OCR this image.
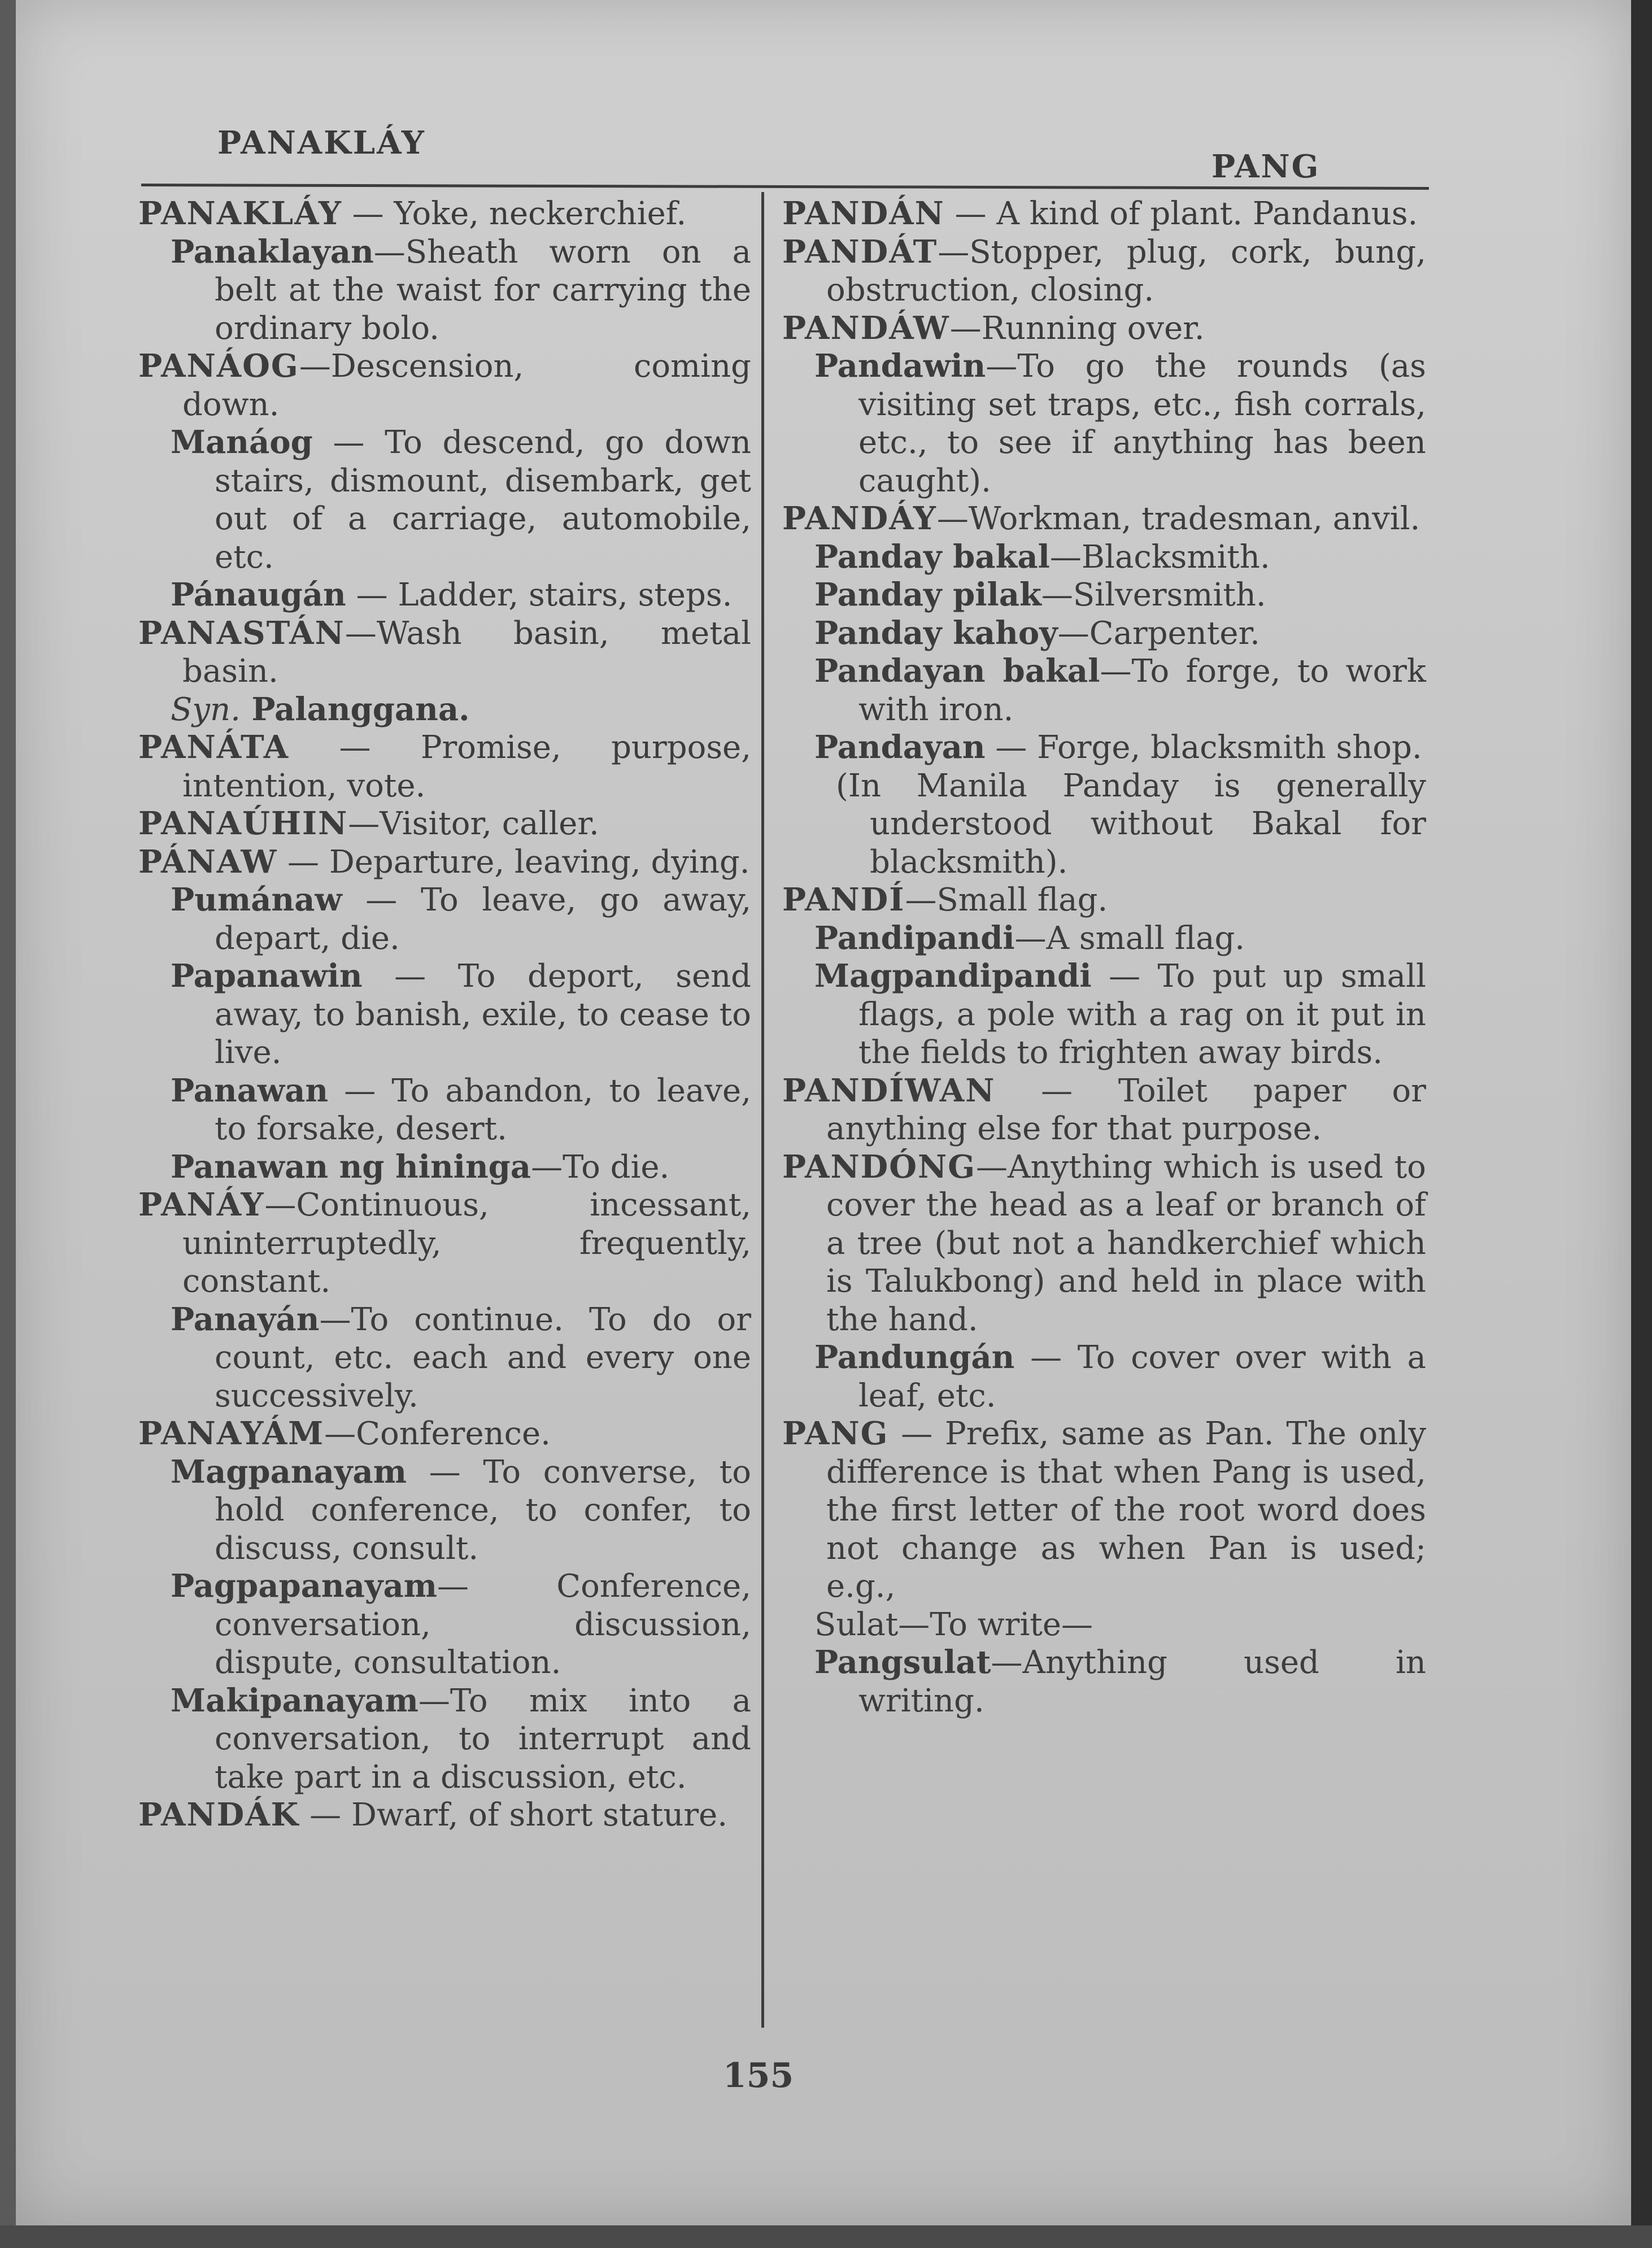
PANAKLÁY
PANG

PANAKLÁY — Yoke, neckerchief.

Panaklayan—Sheath worn on a belt at the waist for carrying the ordinary bolo.

PANÁOG—Descension, coming down.

Manáog — To descend, go down stairs, dismount, disembark, get out of a carriage, automobile, etc.

Pánaugán — Ladder, stairs, steps.

PANASTÁN—Wash basin, metal basin.

Syn. Palanggana.

PANÁTA — Promise, purpose, intention, vote.

PANAÚHIN—Visitor, caller.

PÁNAW — Departure, leaving, dying.

Pumánaw — To leave, go away, depart, die.

Papanawin — To deport, send away, to banish, exile, to cease to live.

Panawan — To abandon, to leave, to forsake, desert.

Panawan ng hininga—To die.

PANÁY—Continuous, incessant, uninterruptedly, frequently, constant.

Panayán—To continue. To do or count, etc. each and every one successively.

PANAYÁM—Conference.

Magpanayam — To converse, to hold conference, to confer, to discuss, consult.

Pagpapanayam— Conference, conversation, discussion, dispute, consultation.

Makipanayam—To mix into a conversation, to interrupt and take part in a discussion, etc.

PANDÁK — Dwarf, of short stature.

PANDÁN — A kind of plant. Pandanus.

PANDÁT—Stopper, plug, cork, bung, obstruction, closing.

PANDÁW—Running over.

Pandawin—To go the rounds (as visiting set traps, etc., fish corrals, etc., to see if anything has been caught).

PANDÁY—Workman, tradesman, anvil.

Panday bakal—Blacksmith.

Panday pilak—Silversmith.

Panday kahoy—Carpenter.

Pandayan bakal—To forge, to work with iron.

Pandayan — Forge, blacksmith shop.

(In Manila Panday is generally understood without Bakal for blacksmith).

PANDÍ—Small flag.

Pandipandi—A small flag.

Magpandipandi — To put up small flags, a pole with a rag on it put in the fields to frighten away birds.

PANDÍWAN — Toilet paper or anything else for that purpose.

PANDÓNG—Anything which is used to cover the head as a leaf or branch of a tree (but not a handkerchief which is Talukbong) and held in place with the hand.

Pandungán — To cover over with a leaf, etc.

PANG — Prefix, same as Pan. The only difference is that when Pang is used, the first letter of the root word does not change as when Pan is used; e.g.,

Sulat—To write—

Pangsulat—Anything used in writing.

155
